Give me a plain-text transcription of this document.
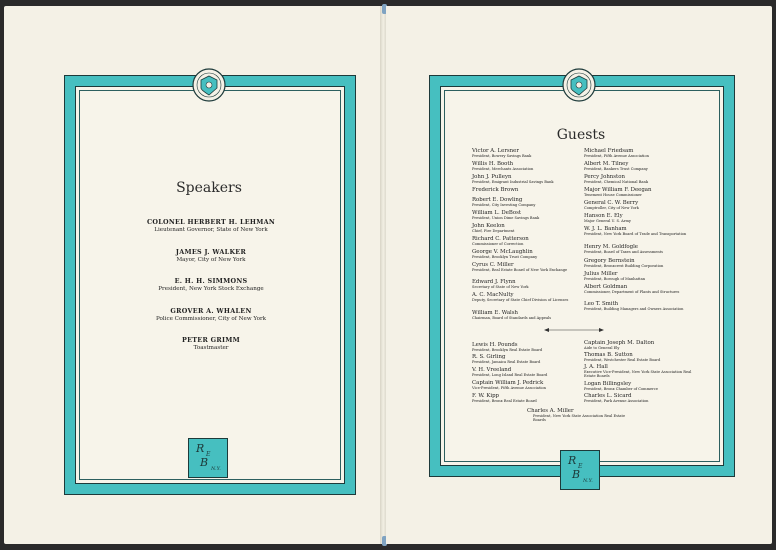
Speakers
COLONEL HERBERT H. LEHMAN
Lieutenant Governor, State of New York
JAMES J. WALKER
Mayor, City of New York
E. H. H. SIMMONS
President, New York Stock Exchange
GROVER A. WHALEN
Police Commissioner, City of New York
PETER GRIMM
Toastmaster
R E
B N.Y.
Guests
Victor A. Lersner
President, Bowery Savings Bank
Willis H. Booth
President, Merchants Association
John J. Pulleyn
President, Emigrant Industrial Savings Bank
Frederick Brown
Robert E. Dowling
President, City Investing Company
William L. DeBost
President, Union Dime Savings Bank
John Keelon
Chief, Fire Department
Richard C. Patterson
Commissioner of Correction
George V. McLaughlin
President, Brooklyn Trust Company
Cyrus C. Miller
President, Real Estate Board of New York Exchange
Edward J. Flynn
Secretary of State of New York
A. C. MacNulty
Deputy, Secretary of State Chief Division of Licenses
William E. Walsh
Chairman, Board of Standards and Appeals
Michael Friedsam
President, Fifth Avenue Association
Albert M. Tilney
President, Bankers Trust Company
Percy Johnston
President, Chemical National Bank
Major William F. Deegan
Tenement House Commissioner
General C. W. Berry
Comptroller, City of New York
Hanson E. Ely
Major General U. S. Army
W. J. L. Banham
President, New York Board of Trade and Transportation
Henry M. Goldfogle
President, Board of Taxes and Assessments
Gregory Bernstein
President, Bronxcrest Building Corporation
Julius Miller
President, Borough of Manhattan
Albert Goldman
Commissioner, Department of Plants and Structures
Leo T. Smith
President, Building Managers and Owners Association
Lewis H. Pounds
President, Brooklyn Real Estate Board
R. S. Girling
President, Jamaica Real Estate Board
V. H. Vreeland
President, Long Island Real Estate Board
Captain William J. Pedrick
Vice-President, Fifth Avenue Association
F. W. Kipp
President, Bronx Real Estate Board
Captain Joseph M. Dalton
Aide to General Ely
Thomas B. Sutton
President, Westchester Real Estate Board
J. A. Hall
Executive Vice-President, New York State Association Real Estate Boards
Logan Billingsley
President, Bronx Chamber of Commerce
Charles L. Sicard
President, Park Avenue Association
Charles A. Miller
President, New York State Association Real Estate Boards
R E
B N.Y.
